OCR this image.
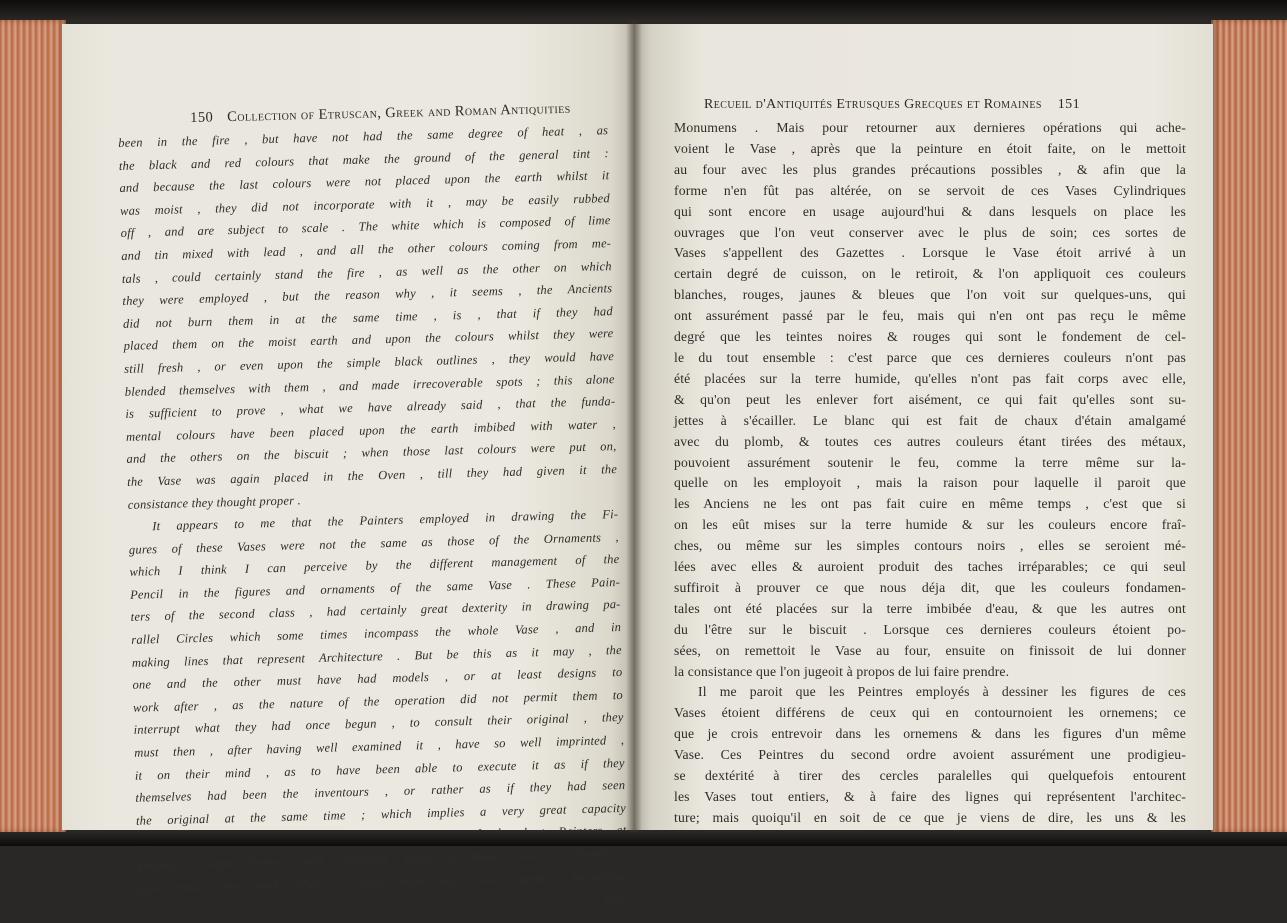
150 Collection of Etruscan, Greek and Roman Antiquities
been in the fire , but have not had the same degree of heat , as
the black and red colours that make the ground of the general tint :
and because the last colours were not placed upon the earth whilst it
was moist , they did not incorporate with it , may be easily rubbed
off , and are subject to scale . The white which is composed of lime
and tin mixed with lead , and all the other colours coming from me-
tals , could certainly stand the fire , as well as the other on which
they were employed , but the reason why , it seems , the Ancients
did not burn them in at the same time , is , that if they had
placed them on the moist earth and upon the colours whilst they were
still fresh , or even upon the simple black outlines , they would have
blended themselves with them , and made irrecoverable spots ; this alone
is sufficient to prove , what we have already said , that the funda-
mental colours have been placed upon the earth imbibed with water ,
and the others on the biscuit ; when those last colours were put on,
the Vase was again placed in the Oven , till they had given it the
consistance they thought proper .
It appears to me that the Painters employed in drawing the Fi-
gures of these Vases were not the same as those of the Ornaments ,
which I think I can perceive by the different management of the
Pencil in the figures and ornaments of the same Vase . These Pain-
ters of the second class , had certainly great dexterity in drawing pa-
rallel Circles which some times incompass the whole Vase , and in
making lines that represent Architecture . But be this as it may , the
one and the other must have had models , or at least designs to
work after , as the nature of the operation did not permit them to
interrupt what they had once begun , to consult their original , they
must then , after having well examined it , have so well imprinted ,
it on their mind , as to have been able to execute it as if they
themselves had been the inventours , or rather as if they had seen
the original at the same time ; which implies a very great capacity
present , after having well examined some of these Vases , found ,
that those who made them , must have had much greater knowledge
than
Recueil d'Antiquités Etrusques Grecques et Romaines 151
Monumens . Mais pour retourner aux dernieres opérations qui ache-
voient le Vase , après que la peinture en étoit faite, on le mettoit
au four avec les plus grandes précautions possibles , & afin que la
forme n'en fût pas altérée, on se servoit de ces Vases Cylindriques
qui sont encore en usage aujourd'hui & dans lesquels on place les
ouvrages que l'on veut conserver avec le plus de soin; ces sortes de
Vases s'appellent des Gazettes . Lorsque le Vase étoit arrivé à un
certain degré de cuisson, on le retiroit, & l'on appliquoit ces couleurs
blanches, rouges, jaunes & bleues que l'on voit sur quelques-uns, qui
ont assurément passé par le feu, mais qui n'en ont pas reçu le même
degré que les teintes noires & rouges qui sont le fondement de cel-
le du tout ensemble : c'est parce que ces dernieres couleurs n'ont pas
été placées sur la terre humide, qu'elles n'ont pas fait corps avec elle,
& qu'on peut les enlever fort aisément, ce qui fait qu'elles sont su-
jettes à s'écailler. Le blanc qui est fait de chaux d'étain amalgamé
avec du plomb, & toutes ces autres couleurs étant tirées des métaux,
pouvoient assurément soutenir le feu, comme la terre même sur la-
quelle on les employoit , mais la raison pour laquelle il paroit que
les Anciens ne les ont pas fait cuire en même temps , c'est que si
on les eût mises sur la terre humide & sur les couleurs encore fraî-
ches, ou même sur les simples contours noirs , elles se seroient mé-
lées avec elles & auroient produit des taches irréparables; ce qui seul
suffiroit à prouver ce que nous déja dit, que les couleurs fondamen-
tales ont été placées sur la terre imbibée d'eau, & que les autres ont
du l'être sur le biscuit . Lorsque ces dernieres couleurs étoient po-
sées, on remettoit le Vase au four, ensuite on finissoit de lui donner
la consistance que l'on jugeoit à propos de lui faire prendre.
Il me paroit que les Peintres employés à dessiner les figures de ces
Vases étoient différens de ceux qui en contournoient les ornemens; ce
que je crois entrevoir dans les ornemens & dans les figures d'un même
Vase. Ces Peintres du second ordre avoient assurément une prodigieu-
se dextérité à tirer des cercles paralelles qui quelquefois entourent
les Vases tout entiers, & à faire des lignes qui représentent l'architec-
ture; mais quoiqu'il en soit de ce que je viens de dire, les uns & les
